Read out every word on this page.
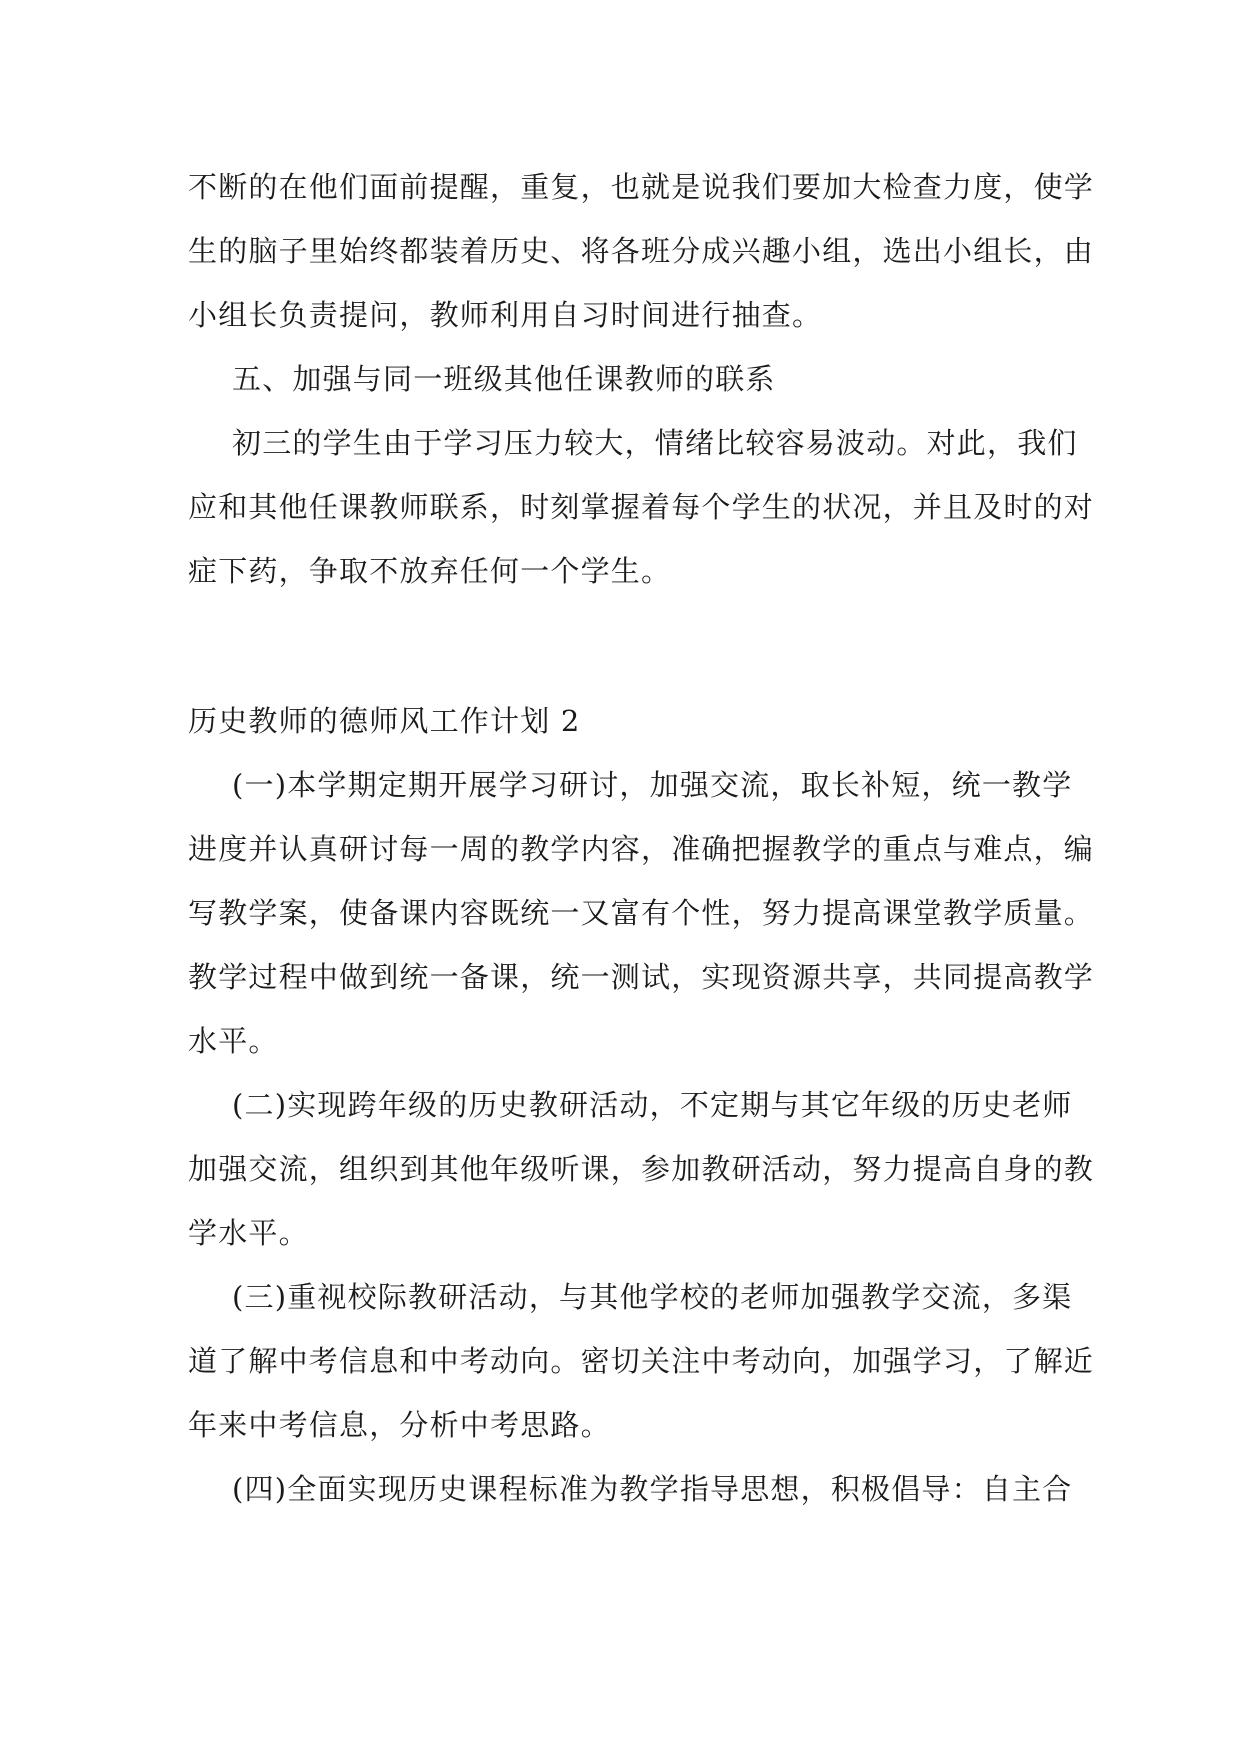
不断的在他们面前提醒，重复，也就是说我们要加大检查力度，使学
生的脑子里始终都装着历史、将各班分成兴趣小组，选出小组长，由
小组长负责提问，教师利用自习时间进行抽查。
五、加强与同一班级其他任课教师的联系
初三的学生由于学习压力较大，情绪比较容易波动。对此，我们
应和其他任课教师联系，时刻掌握着每个学生的状况，并且及时的对
症下药，争取不放弃任何一个学生。
历史教师的德师风工作计划 2
(一)本学期定期开展学习研讨，加强交流，取长补短，统一教学
进度并认真研讨每一周的教学内容，准确把握教学的重点与难点，编
写教学案，使备课内容既统一又富有个性，努力提高课堂教学质量。
教学过程中做到统一备课，统一测试，实现资源共享，共同提高教学
水平。
(二)实现跨年级的历史教研活动，不定期与其它年级的历史老师
加强交流，组织到其他年级听课，参加教研活动，努力提高自身的教
学水平。
(三)重视校际教研活动，与其他学校的老师加强教学交流，多渠
道了解中考信息和中考动向。密切关注中考动向，加强学习，了解近
年来中考信息，分析中考思路。
(四)全面实现历史课程标准为教学指导思想，积极倡导：自主合
